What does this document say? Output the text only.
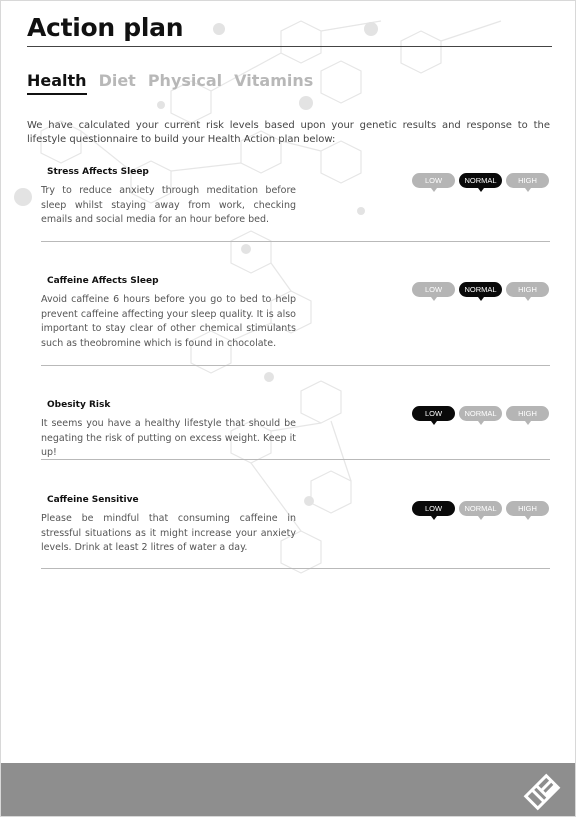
Action plan
Health Diet Physical Vitamins
We have calculated your current risk levels based upon your genetic results and response to the lifestyle questionnaire to build your Health Action plan below:
Stress Affects Sleep
Try to reduce anxiety through meditation before sleep whilst staying away from work, checking emails and social media for an hour before bed.
LOW	NORMAL	HIGH
Caffeine Affects Sleep
Avoid caffeine 6 hours before you go to bed to help prevent caffeine affecting your sleep quality. It is also important to stay clear of other chemical stimulants such as theobromine which is found in chocolate.
LOW	NORMAL	HIGH
Obesity Risk
It seems you have a healthy lifestyle that should be negating the risk of putting on excess weight. Keep it up!
LOW	NORMAL	HIGH
Caffeine Sensitive
Please be mindful that consuming caffeine in stressful situations as it might increase your anxiety levels. Drink at least 2 litres of water a day.
LOW	NORMAL	HIGH
